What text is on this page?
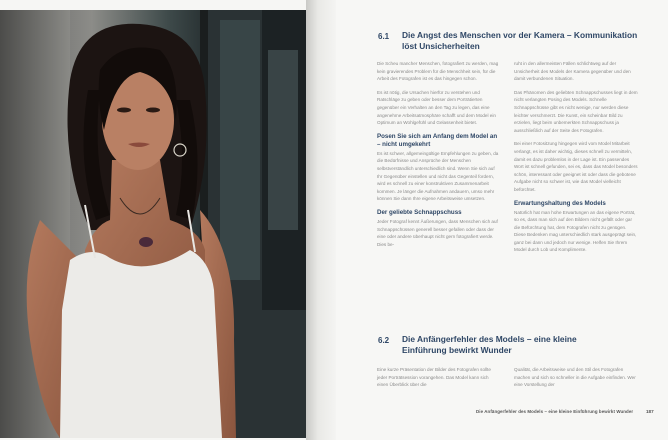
6.1 Die Angst des Menschen vor der Kamera – Kommunikation löst Unsicherheiten

Die Scheu mancher Menschen, fotografiert zu werden, mag kein gravierendes Problem für die Menschheit sein, für die Arbeit des Fotografen ist es das hingegen schon.

Es ist nötig, die Ursachen hierfür zu verstehen und Ratschläge zu geben oder besser dem Porträtierten gegenüber ein Verhalten an den Tag zu legen, das eine angenehme Arbeitsatmosphäre schafft und dem Model ein Optimum an Wohlgefühl und Gelassenheit bietet.

Posen Sie sich am Anfang dem Model an – nicht umgekehrt

Es ist schwer, allgemeingültige Empfehlungen zu geben, da die Bedürfnisse und Ansprüche der Menschen selbstverständlich unterschiedlich sind. Wenn Sie sich auf Ihr Gegenüber einstellen und nicht das Gegenteil fordern, wird es schnell zu einer konstruktiven Zusammenarbeit kommen. Je länger die Aufnahmen andauern, umso mehr können Sie dann Ihre eigene Arbeitsweise umsetzen.

Der geliebte Schnappschuss

Jeder Fotograf kennt Äußerungen, dass Menschen sich auf Schnappschüssen generell besser gefallen oder dass der eine oder andere überhaupt nicht gern fotografiert werde. Dies be-

ruht in den allermeisten Fällen schlichtweg auf der Unsicherheit des Models der Kamera gegenüber und den damit verbundenen Situation.

Das Phänomen des geliebten Schnappschusses liegt in dem nicht verlangten Posing des Models. Schnelle Schnappschüsse gibt es nicht wenige, nur werden diese leichter verschmerzt. Die Kunst, ein scheinbar Bild zu erzielen, liegt beim unbemerkten Schnappschuss ja ausschließlich auf der Seite des Fotografen.

Bei einer Fotositzung hingegen wird vom Model Mitarbeit verlangt, es ist daher wichtig, dieses schnell zu vermitteln, damit es dazu problemlos in der Lage ist. Ein passendes Wort ist schnell gefunden, sei es, dass das Model besonders schön, interessant oder geeignet ist oder dass die gebotene Aufgabe nicht so schwer ist, wie das Model vielleicht befürchtet.

Erwartungshaltung des Models

Natürlich hat man hohe Erwartungen an das eigene Porträt, so es, dass man sich auf den Bildern nicht gefällt oder gar die Befürchtung hat, dem Fotografen nicht zu genügen. Diese Bedenken mag unterschiedlich stark ausgeprägt sein, ganz bei dann und jedoch nur wenige. Helfen Sie Ihrem Model durch Lob und Komplimente.

6.2 Die Anfängerfehler des Models – eine kleine Einführung bewirkt Wunder

Eine kurze Präsentation der Bilder des Fotografen sollte jeder Porträtsession vorangehen. Das Model kann sich einen Überblick über die

Qualität, die Arbeitsweise und den Stil des Fotografen machen und sich so schneller in die Aufgabe einfinden. Wer eine Vorstellung der

Die Anfängerfehler des Models – eine kleine Einführung bewirkt Wunder	187
